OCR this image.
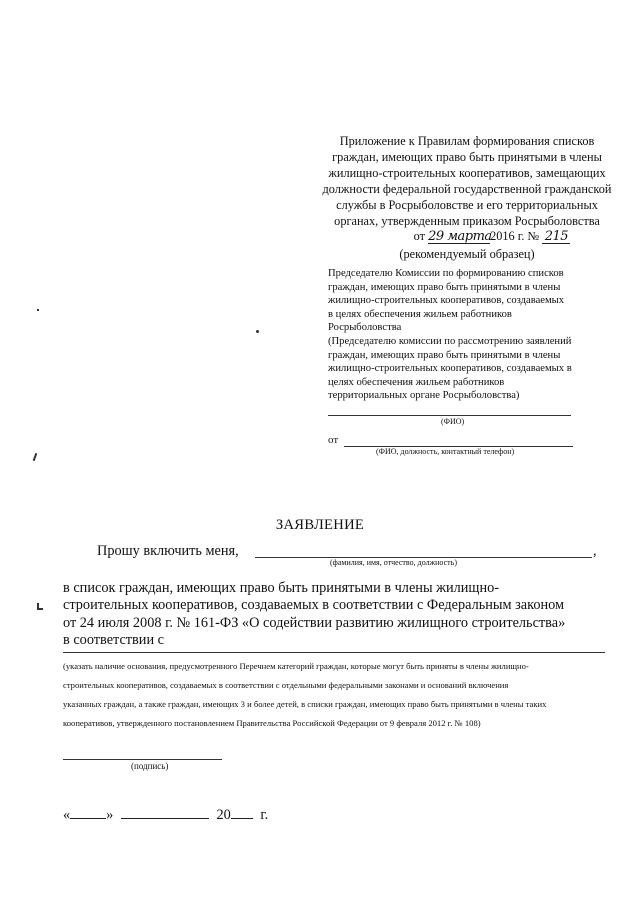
Приложение к Правилам формирования списков
граждан, имеющих право быть принятыми в члены
жилищно-строительных кооперативов, замещающих
должности федеральной государственной гражданской
службы в Росрыболовстве и его территориальных
органах, утвержденным приказом Росрыболовства
от 29 марта2016 г. № 215
(рекомендуемый образец)
Председателю Комиссии по формированию списков
граждан, имеющих право быть принятыми в члены
жилищно-строительных кооперативов, создаваемых
в целях обеспечения жильем работников
Росрыболовства
(Председателю комиссии по рассмотрению заявлений
граждан, имеющих право быть принятыми в члены
жилищно-строительных кооперативов, создаваемых в
целях обеспечения жильем работников
территориальных органе Росрыболовства)
(ФИО)
от
(ФИО, должность, контактный телефон)
ЗАЯВЛЕНИЕ
Прошу включить меня,	,
(фамилия, имя, отчество, должность)
в список граждан, имеющих право быть принятыми в члены жилищно-
строительных кооперативов, создаваемых в соответствии с Федеральным законом
от 24 июля 2008 г. № 161-ФЗ «О содействии развитию жилищного строительства»
в соответствии с
(указать наличие основания, предусмотренного Перечнем категорий граждан, которые могут быть приняты в члены жилищно-
строительных кооперативов, создаваемых в соответствии с отдельными федеральными законами и оснований включения
указанных граждан, а также граждан, имеющих 3 и более детей, в списки граждан, имеющих право быть принятыми в члены таких
кооперативов, утвержденного постановлением Правительства Российской Федерации от 9 февраля 2012 г. № 108)
(подпись)
«	»	20 г.
